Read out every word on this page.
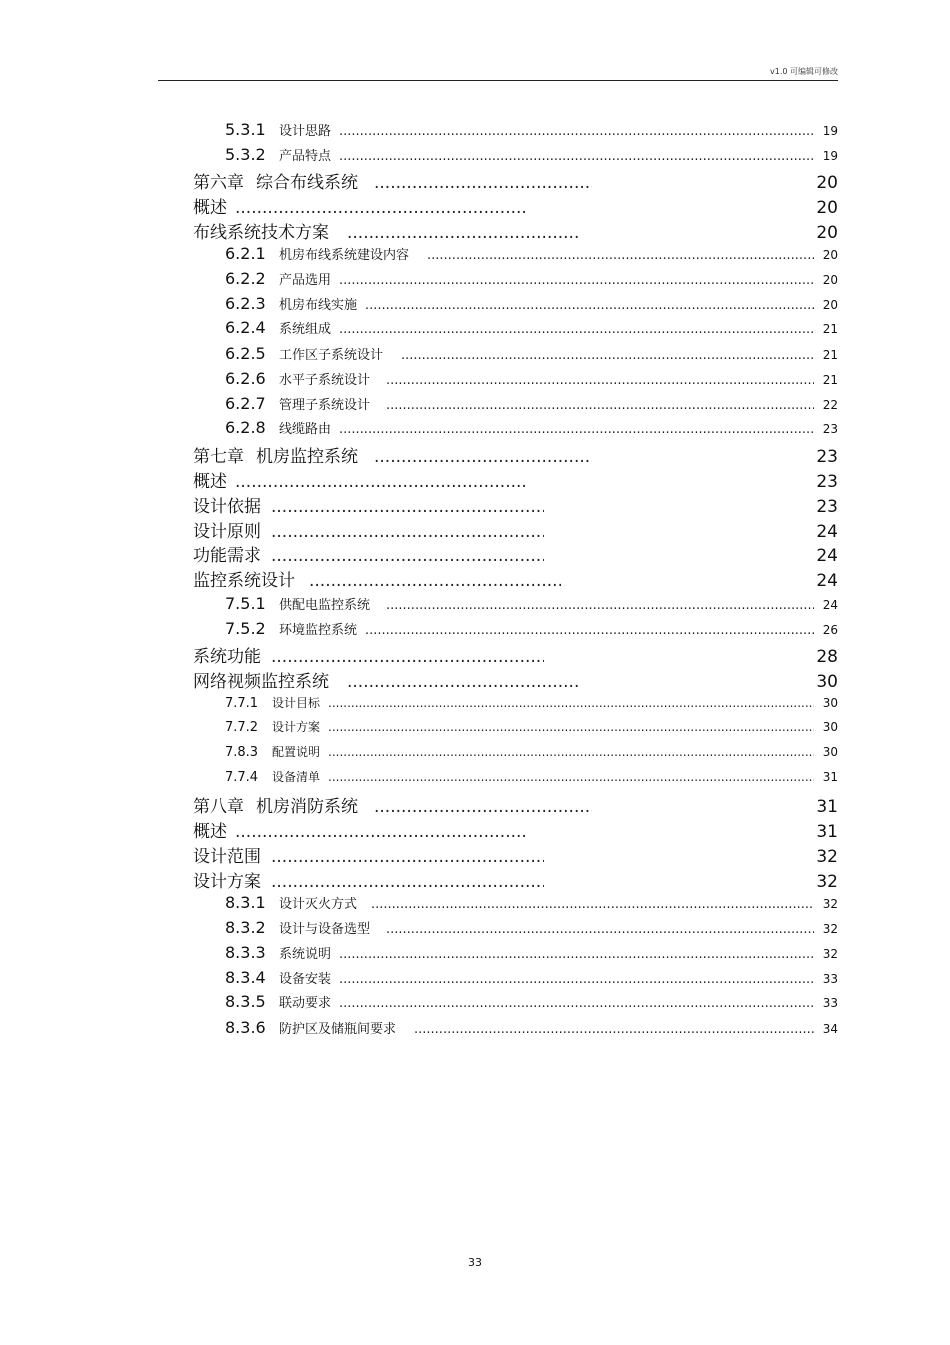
v1.0 可编辑可修改
5.3.1	设计思路 .....	19
5.3.2	产品特点 .....	19
第六章 综合布线系统 .....	20
概述 .....	20
布线系统技术方案 .....	20
6.2.1	机房布线系统建设内容 .....	20
6.2.2	产品选用 .....	20
6.2.3	机房布线实施 .....	20
6.2.4	系统组成 .....	21
6.2.5	工作区子系统设计 .....	21
6.2.6	水平子系统设计 .....	21
6.2.7	管理子系统设计 .....	22
6.2.8	线缆路由 .....	23
第七章 机房监控系统 .....	23
概述 .....	23
设计依据 .....	23
设计原则 .....	24
功能需求 .....	24
监控系统设计 .....	24
7.5.1	供配电监控系统 .....	24
7.5.2	环境监控系统 .....	26
系统功能 .....	28
网络视频监控系统 .....	30
7.7.1	设计目标 .....	30
7.7.2	设计方案 .....	30
7.8.3	配置说明 .....	30
7.7.4	设备清单 .....	31
第八章 机房消防系统 .....	31
概述 .....	31
设计范围 .....	32
设计方案 .....	32
8.3.1	设计灭火方式 .....	32
8.3.2	设计与设备选型 .....	32
8.3.3	系统说明 .....	32
8.3.4	设备安装 .....	33
8.3.5	联动要求 .....	33
8.3.6	防护区及储瓶间要求 .....	34
33
